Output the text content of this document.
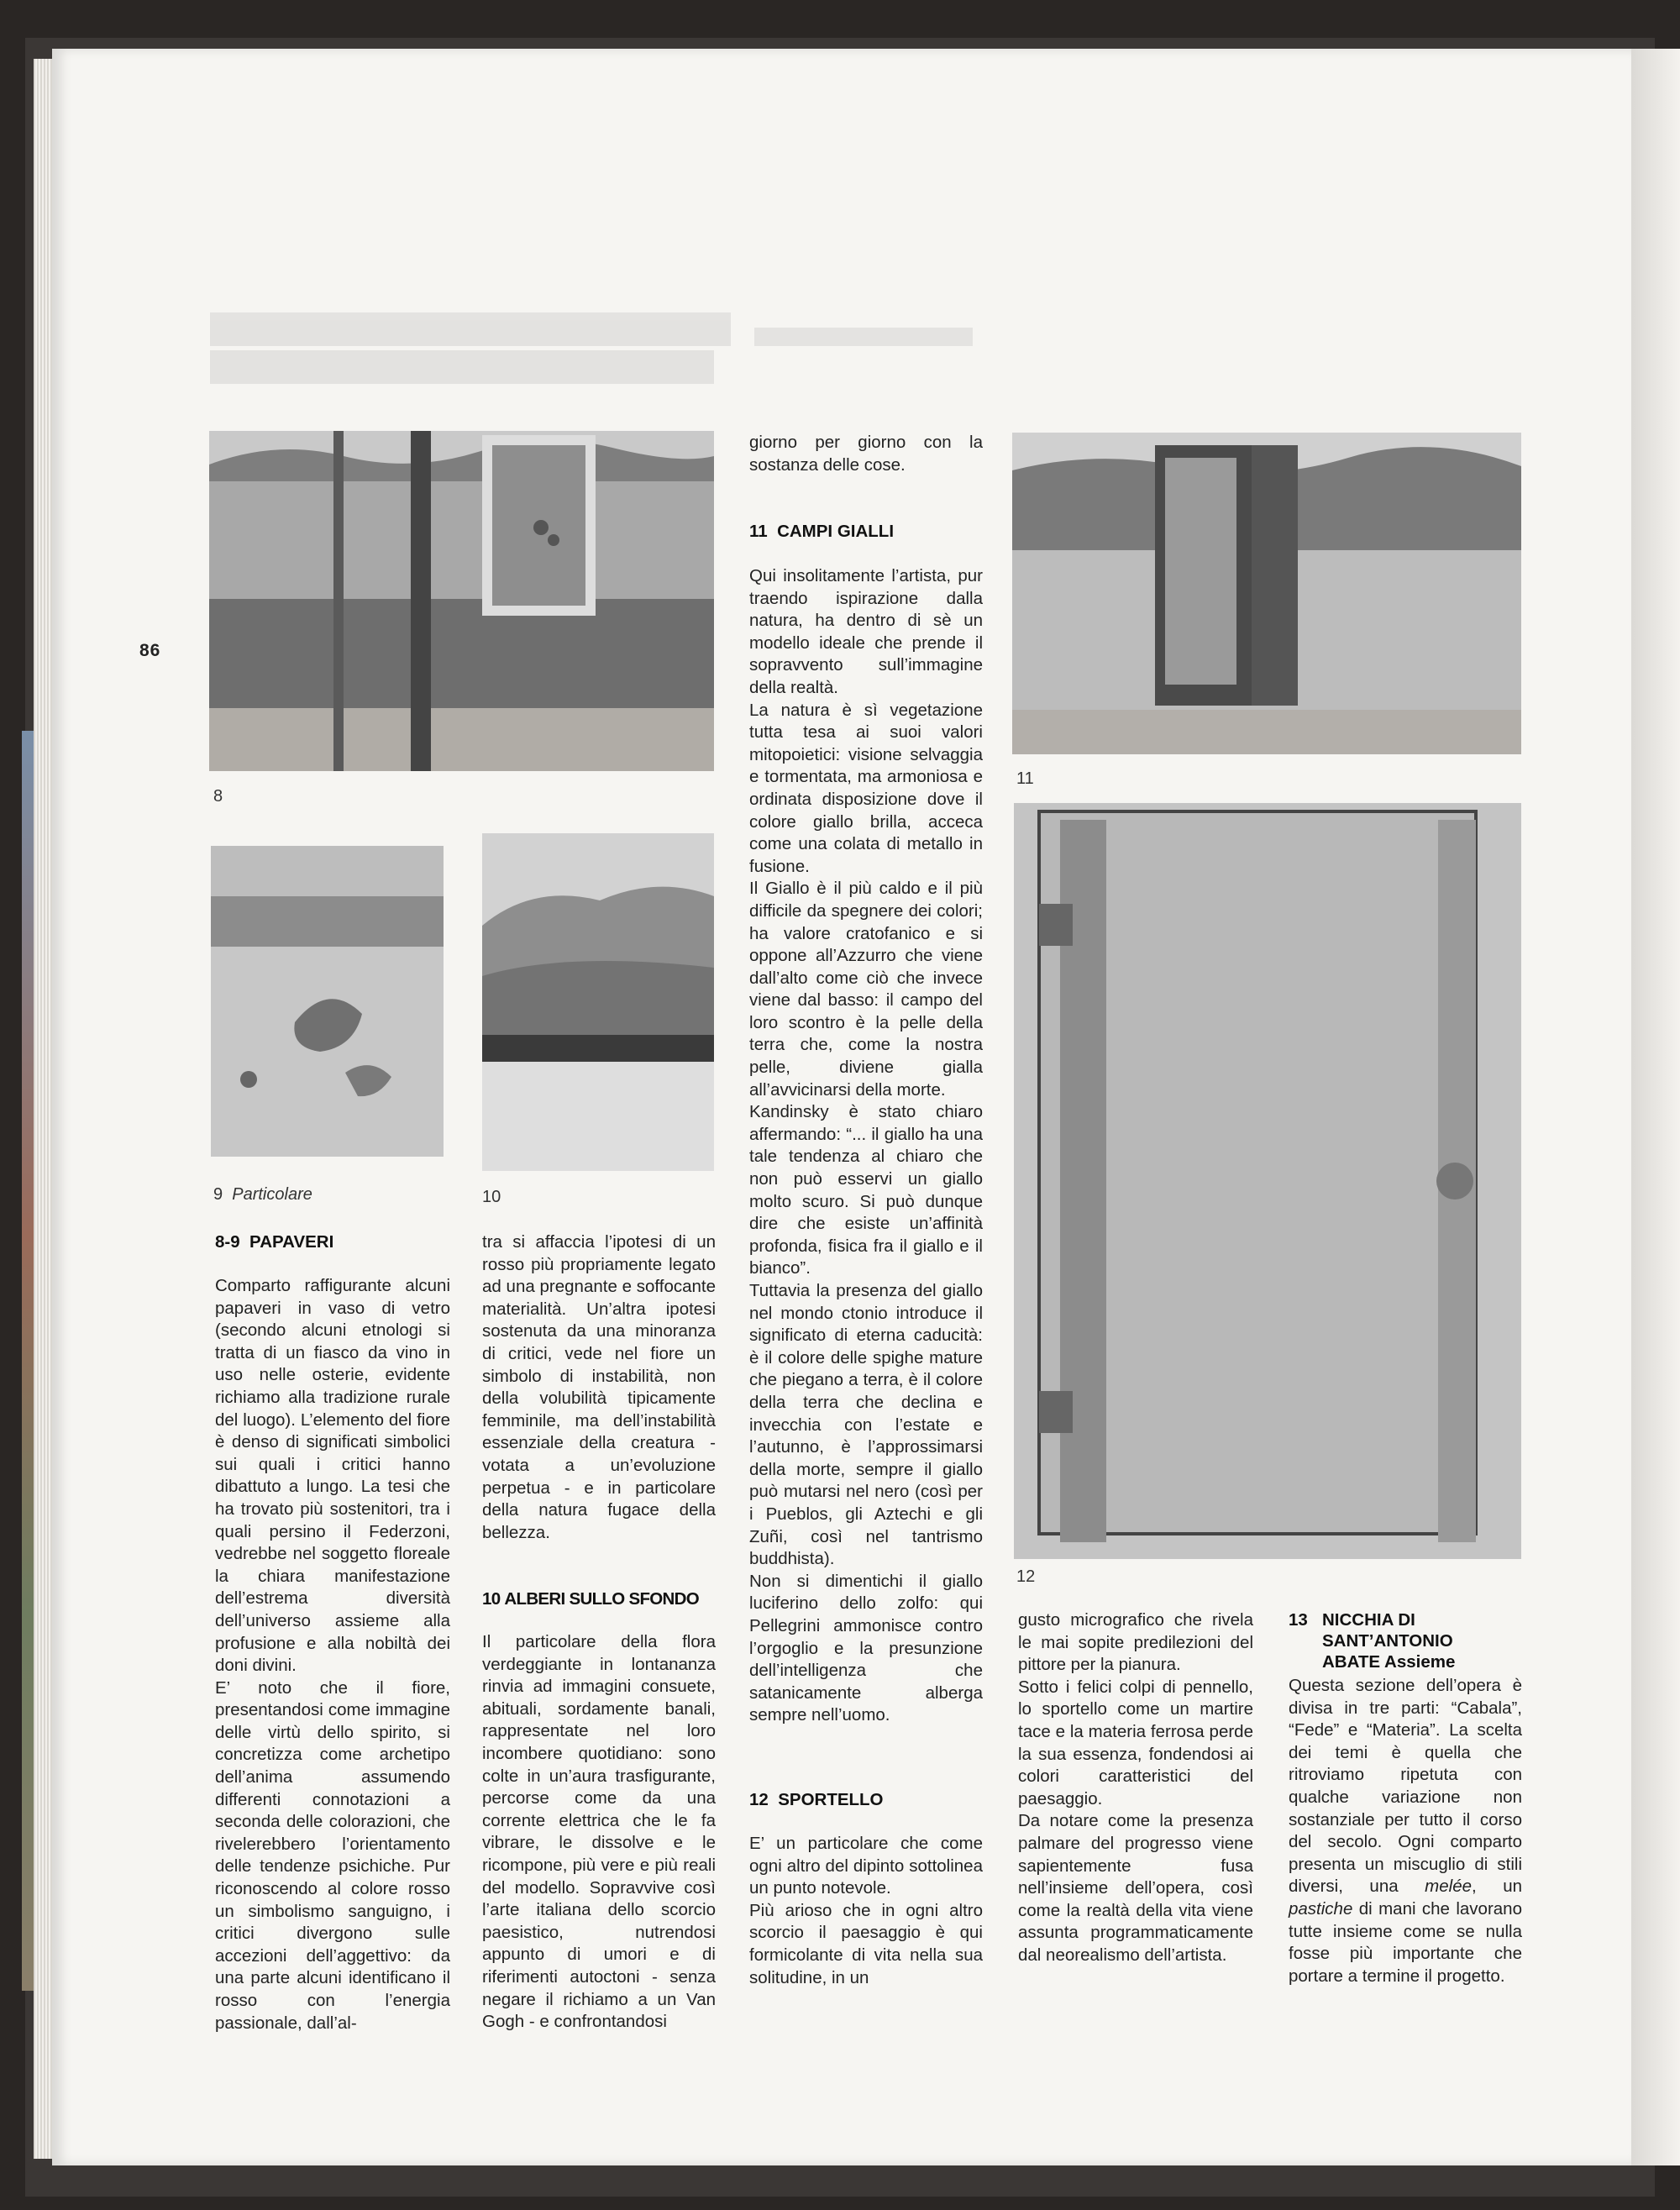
86
8
9 Particolare	10
11
12
8-9 PAPAVERI

Comparto raffigurante alcuni papaveri in vaso di vetro (secondo alcuni etnologi si tratta di un fiasco da vino in uso nelle osterie, evidente richiamo alla tradizione rurale del luogo). L’elemento del fiore è denso di significati simbolici sui quali i critici hanno dibattuto a lungo. La tesi che ha trovato più sostenitori, tra i quali persino il Federzoni, vedrebbe nel soggetto floreale la chiara manifestazione dell’estrema diversità dell’universo assieme alla profusione e alla nobiltà dei doni divini.

E’ noto che il fiore, presentandosi come immagine delle virtù dello spirito, si concretizza come archetipo dell’anima assumendo differenti connotazioni a seconda delle colorazioni, che rivelerebbero l’orientamento delle tendenze psichiche. Pur riconoscendo al colore rosso un simbolismo sanguigno, i critici divergono sulle accezioni dell’aggettivo: da una parte alcuni identificano il rosso con l’energia passionale, dall’al-

tra si affaccia l’ipotesi di un rosso più propriamente legato ad una pregnante e soffocante materialità. Un’altra ipotesi sostenuta da una minoranza di critici, vede nel fiore un simbolo di instabilità, non della volubilità tipicamente femminile, ma dell’instabilità essenziale della creatura - votata a un’evoluzione perpetua - e in particolare della natura fugace della bellezza.

10 ALBERI SULLO SFONDO

Il particolare della flora verdeggiante in lontananza rinvia ad immagini consuete, abituali, sordamente banali, rappresentate nel loro incombere quotidiano: sono colte in un’aura trasfigurante, percorse come da una corrente elettrica che le fa vibrare, le dissolve e le ricompone, più vere e più reali del modello. Sopravvive così l’arte italiana dello scorcio paesistico, nutrendosi appunto di umori e di riferimenti autoctoni - senza negare il richiamo a un Van Gogh - e confrontandosi

giorno per giorno con la sostanza delle cose.

11 CAMPI GIALLI

Qui insolitamente l’artista, pur traendo ispirazione dalla natura, ha dentro di sè un modello ideale che prende il sopravvento sull’immagine della realtà.

La natura è sì vegetazione tutta tesa ai suoi valori mitopoietici: visione selvaggia e tormentata, ma armoniosa e ordinata disposizione dove il colore giallo brilla, acceca come una colata di metallo in fusione.

Il Giallo è il più caldo e il più difficile da spegnere dei colori; ha valore cratofanico e si oppone all’Azzurro che viene dall’alto come ciò che invece viene dal basso: il campo del loro scontro è la pelle della terra che, come la nostra pelle, diviene gialla all’avvicinarsi della morte.

Kandinsky è stato chiaro affermando: “... il giallo ha una tale tendenza al chiaro che non può esservi un giallo molto scuro. Si può dunque dire che esiste un’affinità profonda, fisica fra il giallo e il bianco”.

Tuttavia la presenza del giallo nel mondo ctonio introduce il significato di eterna caducità: è il colore delle spighe mature che piegano a terra, è il colore della terra che declina e invecchia con l’estate e l’autunno, è l’approssimarsi della morte, sempre il giallo può mutarsi nel nero (così per i Pueblos, gli Aztechi e gli Zuñi, così nel tantrismo buddhista).

Non si dimentichi il giallo luciferino dello zolfo: qui Pellegrini ammonisce contro l’orgoglio e la presunzione dell’intelligenza che satanicamente alberga sempre nell’uomo.

12 SPORTELLO

E’ un particolare che come ogni altro del dipinto sottolinea un punto notevole.

Più arioso che in ogni altro scorcio il paesaggio è qui formicolante di vita nella sua solitudine, in un

gusto micrografico che rivela le mai sopite predilezioni del pittore per la pianura.

Sotto i felici colpi di pennello, lo sportello come un martire tace e la materia ferrosa perde la sua essenza, fondendosi ai colori caratteristici del paesaggio.

Da notare come la presenza palmare del progresso viene sapientemente fusa nell’insieme dell’opera, così come la realtà della vita viene assunta programmaticamente dal neorealismo dell’artista.

13 NICCHIA DI
SANT’ANTONIO
ABATE Assieme

Questa sezione dell’opera è divisa in tre parti: “Cabala”, “Fede” e “Materia”. La scelta dei temi è quella che ritroviamo ripetuta con qualche variazione non sostanziale per tutto il corso del secolo. Ogni comparto presenta un miscuglio di stili diversi, una melée, un pastiche di mani che lavorano tutte insieme come se nulla fosse più importante che portare a termine il progetto.
